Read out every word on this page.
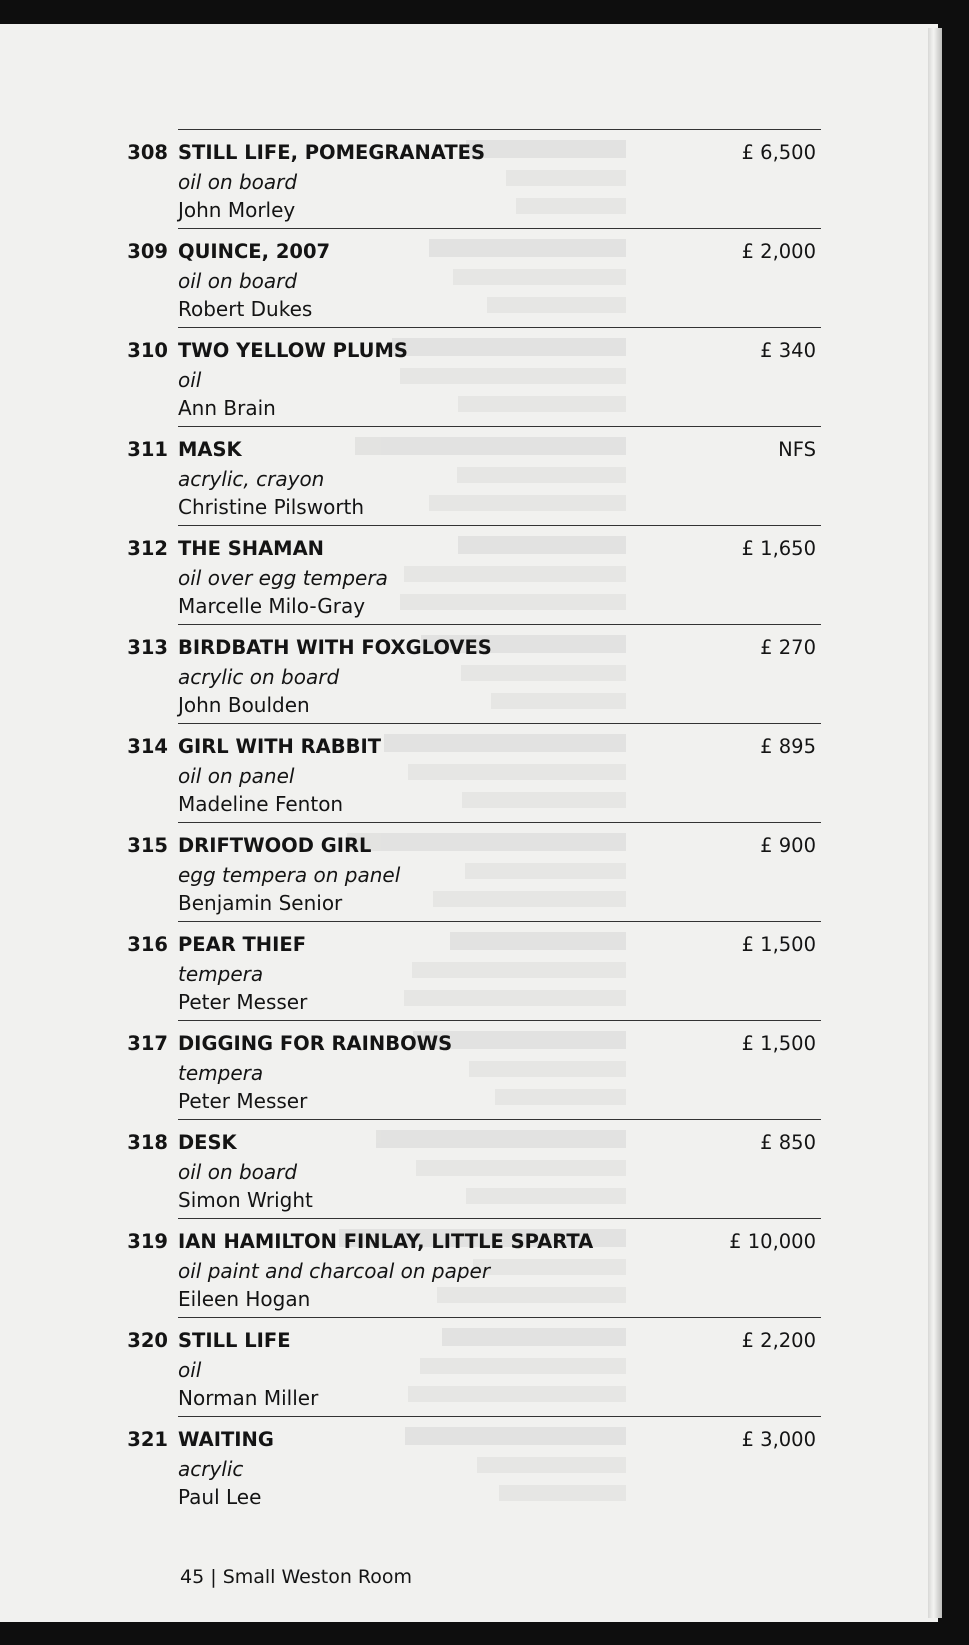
308 STILL LIFE, POMEGRANATES
oil on board
John Morley
£ 6,500
309 QUINCE, 2007
oil on board
Robert Dukes
£ 2,000
310 TWO YELLOW PLUMS
oil
Ann Brain
£ 340
311 MASK
acrylic, crayon
Christine Pilsworth
NFS
312 THE SHAMAN
oil over egg tempera
Marcelle Milo-Gray
£ 1,650
313 BIRDBATH WITH FOXGLOVES
acrylic on board
John Boulden
£ 270
314 GIRL WITH RABBIT
oil on panel
Madeline Fenton
£ 895
315 DRIFTWOOD GIRL
egg tempera on panel
Benjamin Senior
£ 900
316 PEAR THIEF
tempera
Peter Messer
£ 1,500
317 DIGGING FOR RAINBOWS
tempera
Peter Messer
£ 1,500
318 DESK
oil on board
Simon Wright
£ 850
319 IAN HAMILTON FINLAY, LITTLE SPARTA
oil paint and charcoal on paper
Eileen Hogan
£ 10,000
320 STILL LIFE
oil
Norman Miller
£ 2,200
321 WAITING
acrylic
Paul Lee
£ 3,000
45 | Small Weston Room
